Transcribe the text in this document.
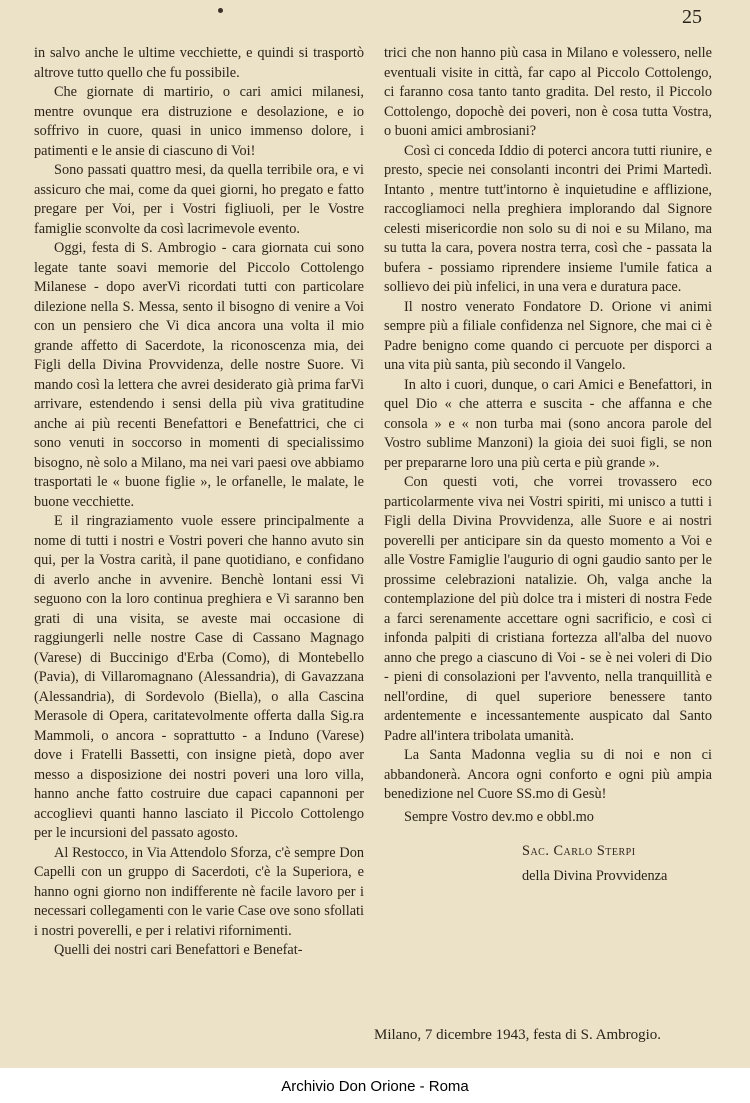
25

in salvo anche le ultime vecchiette, e quindi si trasportò altrove tutto quello che fu possibile.

Che giornate di martirio, o cari amici milanesi, mentre ovunque era distruzione e desolazione, e io soffrivo in cuore, quasi in unico immenso dolore, i patimenti e le ansie di ciascuno di Voi!

Sono passati quattro mesi, da quella terribile ora, e vi assicuro che mai, come da quei giorni, ho pregato e fatto pregare per Voi, per i Vostri figliuoli, per le Vostre famiglie sconvolte da così lacrimevole evento.

Oggi, festa di S. Ambrogio - cara giornata cui sono legate tante soavi memorie del Piccolo Cottolengo Milanese - dopo averVi ricordati tutti con particolare dilezione nella S. Messa, sento il bisogno di venire a Voi con un pensiero che Vi dica ancora una volta il mio grande affetto di Sacerdote, la riconoscenza mia, dei Figli della Divina Provvidenza, delle nostre Suore. Vi mando così la lettera che avrei desiderato già prima farVi arrivare, estendendo i sensi della più viva gratitudine anche ai più recenti Benefattori e Benefattrici, che ci sono venuti in soccorso in momenti di specialissimo bisogno, nè solo a Milano, ma nei vari paesi ove abbiamo trasportati le « buone figlie », le orfanelle, le malate, le buone vecchiette.

E il ringraziamento vuole essere principalmente a nome di tutti i nostri e Vostri poveri che hanno avuto sin qui, per la Vostra carità, il pane quotidiano, e confidano di averlo anche in avvenire. Benchè lontani essi Vi seguono con la loro continua preghiera e Vi saranno ben grati di una visita, se aveste mai occasione di raggiungerli nelle nostre Case di Cassano Magnago (Varese) di Buccinigo d'Erba (Como), di Montebello (Pavia), di Villaromagnano (Alessandria), di Gavazzana (Alessandria), di Sordevolo (Biella), o alla Cascina Merasole di Opera, caritatevolmente offerta dalla Sig.ra Mammoli, o ancora - soprattutto - a Induno (Varese) dove i Fratelli Bassetti, con insigne pietà, dopo aver messo a disposizione dei nostri poveri una loro villa, hanno anche fatto costruire due capaci capannoni per accoglievi quanti hanno lasciato il Piccolo Cottolengo per le incursioni del passato agosto.

Al Restocco, in Via Attendolo Sforza, c'è sempre Don Capelli con un gruppo di Sacerdoti, c'è la Superiora, e hanno ogni giorno non indifferente nè facile lavoro per i necessari collegamenti con le varie Case ove sono sfollati i nostri poverelli, e per i relativi rifornimenti.

Quelli dei nostri cari Benefattori e Benefat-

trici che non hanno più casa in Milano e volessero, nelle eventuali visite in città, far capo al Piccolo Cottolengo, ci faranno cosa tanto tanto gradita. Del resto, il Piccolo Cottolengo, dopochè dei poveri, non è cosa tutta Vostra, o buoni amici ambrosiani?

Così ci conceda Iddio di poterci ancora tutti riunire, e presto, specie nei consolanti incontri dei Primi Martedì. Intanto , mentre tutt'intorno è inquietudine e afflizione, raccogliamoci nella preghiera implorando dal Signore celesti misericordie non solo su di noi e su Milano, ma su tutta la cara, povera nostra terra, così che - passata la bufera - possiamo riprendere insieme l'umile fatica a sollievo dei più infelici, in una vera e duratura pace.

Il nostro venerato Fondatore D. Orione vi animi sempre più a filiale confidenza nel Signore, che mai ci è Padre benigno come quando ci percuote per disporci a una vita più santa, più secondo il Vangelo.

In alto i cuori, dunque, o cari Amici e Benefattori, in quel Dio « che atterra e suscita - che affanna e che consola » e « non turba mai (sono ancora parole del Vostro sublime Manzoni) la gioia dei suoi figli, se non per prepararne loro una più certa e più grande ».

Con questi voti, che vorrei trovassero eco particolarmente viva nei Vostri spiriti, mi unisco a tutti i Figli della Divina Provvidenza, alle Suore e ai nostri poverelli per anticipare sin da questo momento a Voi e alle Vostre Famiglie l'augurio di ogni gaudio santo per le prossime celebrazioni natalizie. Oh, valga anche la contemplazione del più dolce tra i misteri di nostra Fede a farci serenamente accettare ogni sacrificio, e così ci infonda palpiti di cristiana fortezza all'alba del nuovo anno che prego a ciascuno di Voi - se è nei voleri di Dio - pieni di consolazioni per l'avvento, nella tranquillità e nell'ordine, di quel superiore benessere tanto ardentemente e incessantemente auspicato dal Santo Padre all'intera tribolata umanità.

La Santa Madonna veglia su di noi e non ci abbandonerà. Ancora ogni conforto e ogni più ampia benedizione nel Cuore SS.mo di Gesù!

Sempre Vostro dev.mo e obbl.mo

Sac. Carlo Sterpi
della Divina Provvidenza
Milano, 7 dicembre 1943, festa di S. Ambrogio.
Archivio Don Orione - Roma
